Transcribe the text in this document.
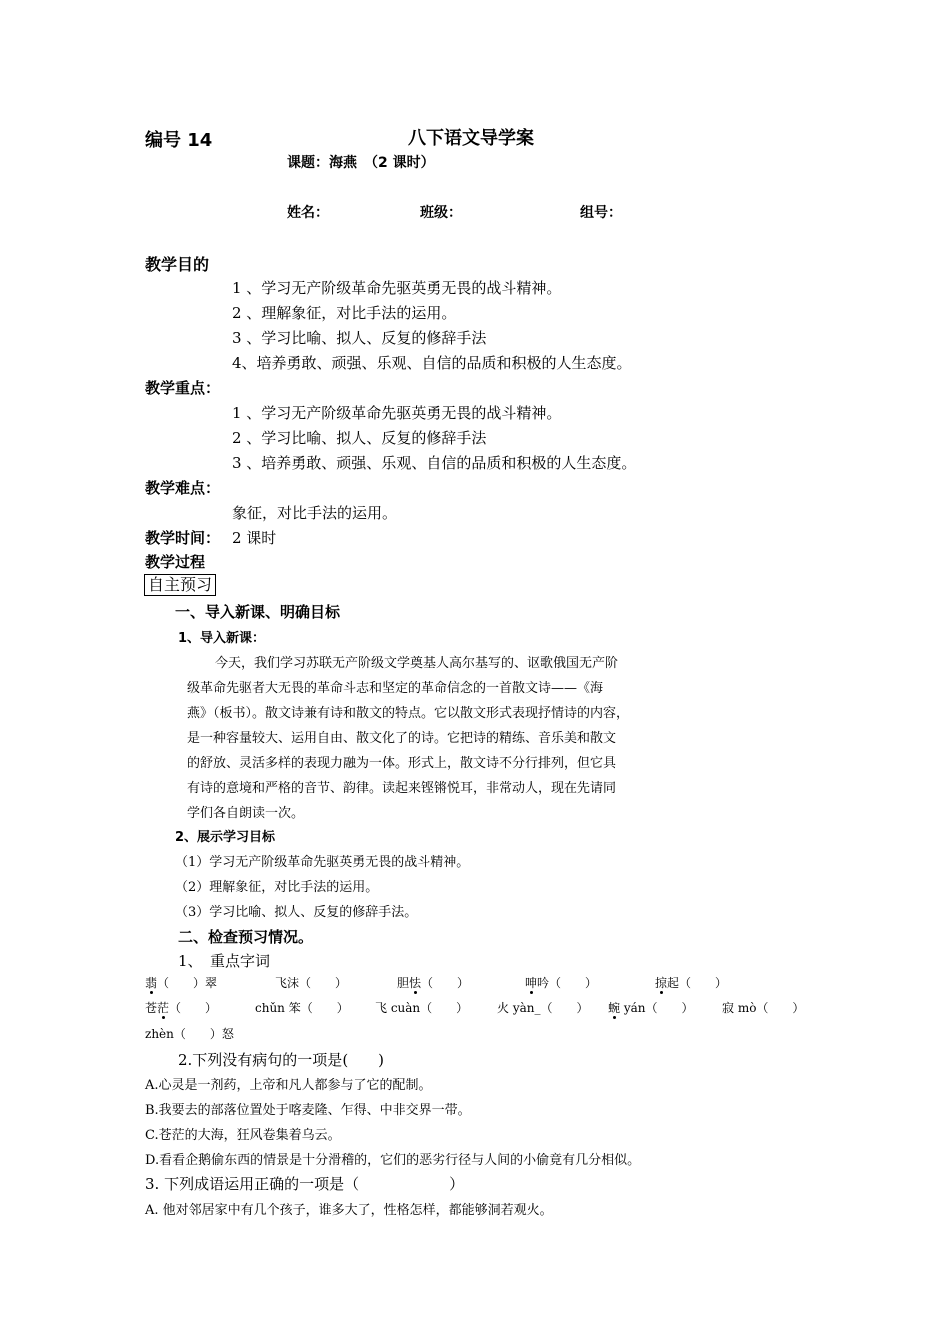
编号 14	八下语文导学案
课题：海燕　（2 课时）
姓名：	班级：	组号：
教学目的
1 、学习无产阶级革命先驱英勇无畏的战斗精神。
2 、理解象征，对比手法的运用。
3 、学习比喻、拟人、反复的修辞手法
4、培养勇敢、顽强、乐观、自信的品质和积极的人生态度。
教学重点：
1 、学习无产阶级革命先驱英勇无畏的战斗精神。
2 、学习比喻、拟人、反复的修辞手法
3 、培养勇敢、顽强、乐观、自信的品质和积极的人生态度。
教学难点：
象征，对比手法的运用。
教学时间： 2 课时
教学过程
自主预习
一、导入新课、明确目标
1、导入新课：
今天，我们学习苏联无产阶级文学奠基人高尔基写的、讴歌俄国无产阶
级革命先驱者大无畏的革命斗志和坚定的革命信念的一首散文诗——《海
燕》（板书）。散文诗兼有诗和散文的特点。它以散文形式表现抒情诗的内容，
是一种容量较大、运用自由、散文化了的诗。它把诗的精练、音乐美和散文
的舒放、灵活多样的表现力融为一体。形式上，散文诗不分行排列，但它具
有诗的意境和严格的音节、韵律。读起来铿锵悦耳，非常动人，现在先请同
学们各自朗读一次。
2、展示学习目标
（1）学习无产阶级革命先驱英勇无畏的战斗精神。
（2）理解象征，对比手法的运用。
（3）学习比喻、拟人、反复的修辞手法。
二、检查预习情况。
1、　重点字词
翡（　　）翠	飞沫（　　）	胆怯（　　）	呻吟（　　）	掠起（　　）
苍茫（　　）	chǔn 笨（　　） 飞 cuàn（　　） 火 yàn_（　　） 蜿 yán（　　） 寂 mò（　　）
zhèn（　　）怒
2.下列没有病句的一项是(　　)
A.心灵是一剂药，上帝和凡人都参与了它的配制。
B.我要去的部落位置处于喀麦隆、乍得、中非交界一带。
C.苍茫的大海，狂风卷集着乌云。
D.看看企鹅偷东西的情景是十分滑稽的，它们的恶劣行径与人间的小偷竟有几分相似。
3. 下列成语运用正确的一项是（　　　　　　）
A. 他对邻居家中有几个孩子，谁多大了，性格怎样，都能够洞若观火。
